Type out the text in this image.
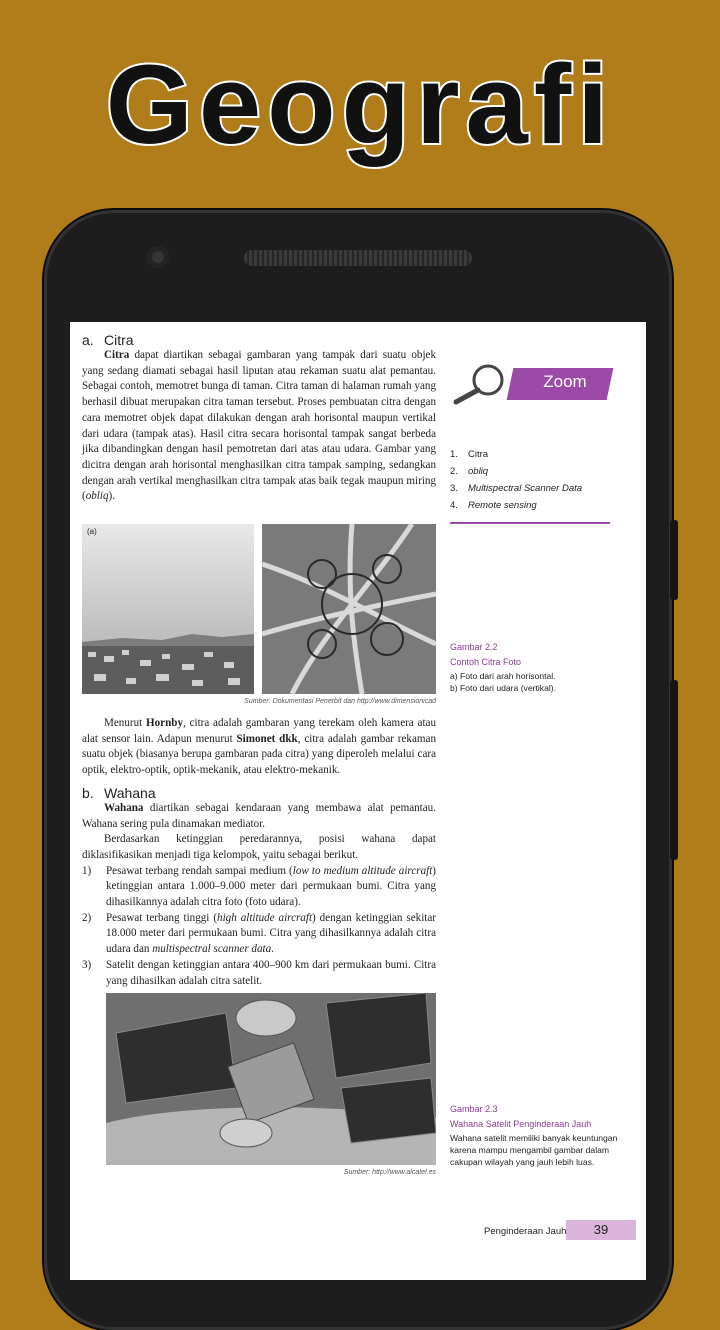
Geografi
a. Citra

Citra dapat diartikan sebagai gambaran yang tampak dari suatu objek yang sedang diamati sebagai hasil liputan atau rekaman suatu alat pemantau. Sebagai contoh, memotret bunga di taman. Citra taman di halaman rumah yang berhasil dibuat merupakan citra taman tersebut. Proses pembuatan citra dengan cara memotret objek dapat dilakukan dengan arah horisontal maupun vertikal dari udara (tampak atas). Hasil citra secara horisontal tampak sangat berbeda jika dibandingkan dengan hasil pemotretan dari atas atau udara. Gambar yang dicitra dengan arah horisontal menghasilkan citra tampak samping, sedangkan dengan arah vertikal menghasilkan citra tampak atas baik tegak maupun miring (obliq).

(a)
Sumber: Dokumentasi Penerbit dan http://www.dimensionicad

Menurut Hornby, citra adalah gambaran yang terekam oleh kamera atau alat sensor lain. Adapun menurut Simonet dkk, citra adalah gambar rekaman suatu objek (biasanya berupa gambaran pada citra) yang diperoleh melalui cara optik, elektro-optik, optik-mekanik, atau elektro-mekanik.

b. Wahana

Wahana diartikan sebagai kendaraan yang membawa alat pemantau. Wahana sering pula dinamakan mediator.

Berdasarkan ketinggian peredarannya, posisi wahana dapat diklasifikasikan menjadi tiga kelompok, yaitu sebagai berikut.

1) Pesawat terbang rendah sampai medium (low to medium altitude aircraft) ketinggian antara 1.000–9.000 meter dari permukaan bumi. Citra yang dihasilkannya adalah citra foto (foto udara).
2) Pesawat terbang tinggi (high altitude aircraft) dengan ketinggian sekitar 18.000 meter dari permukaan bumi. Citra yang dihasilkannya adalah citra udara dan multispectral scanner data.
3) Satelit dengan ketinggian antara 400–900 km dari permukaan bumi. Citra yang dihasilkan adalah citra satelit.
Sumber: http://www.alcatel.es
Zoom
1. Citra
2. obliq
3. Multispectral Scanner Data
4. Remote sensing
Gambar 2.2
Contoh Citra Foto
a) Foto dari arah horisontal.
b) Foto dari udara (vertikal).
Gambar 2.3
Wahana Satelit Penginderaan Jauh
Wahana satelit memiliki banyak keuntungan karena mampu mengambil gambar dalam cakupan wilayah yang jauh lebih luas.
Penginderaan Jauh	39
